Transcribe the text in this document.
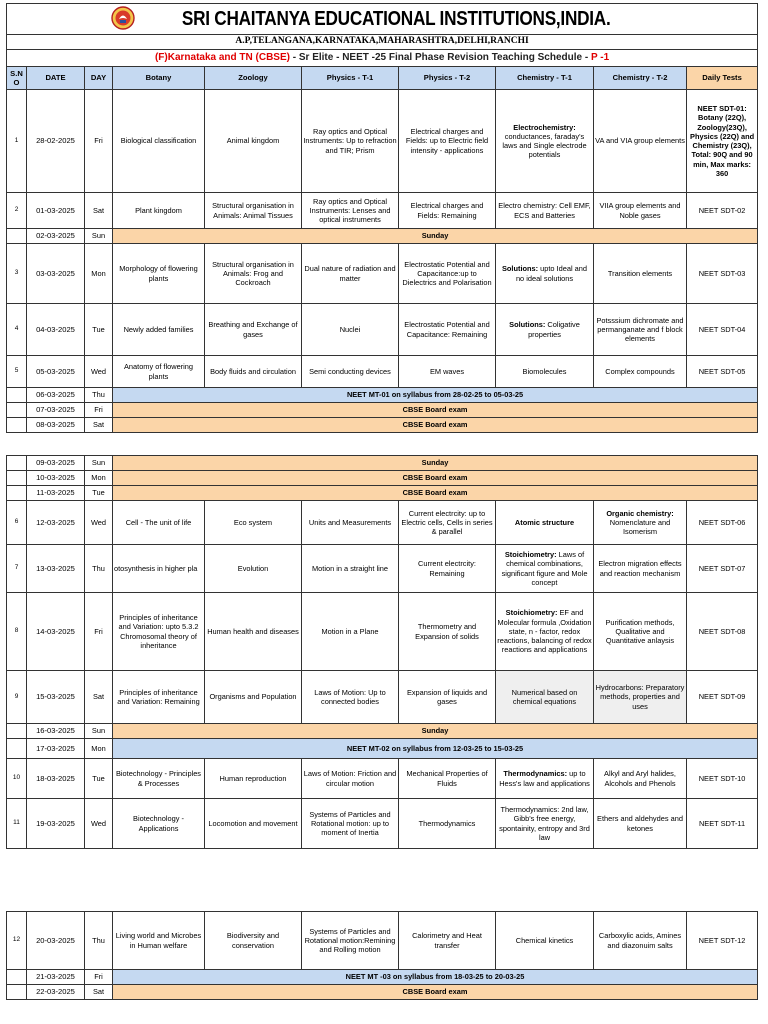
SRI CHAITANYA EDUCATIONAL INSTITUTIONS,INDIA.									
A.P,TELANGANA,KARNATAKA,MAHARASHTRA,DELHI,RANCHI									
(F)Karnataka and TN (CBSE) - Sr Elite - NEET -25 Final Phase Revision Teaching Schedule - P -1									
S.N O	DATE	DAY	Botany	Zoology	Physics - T-1	Physics - T-2	Chemistry - T-1	Chemistry - T-2	Daily Tests
1	28-02-2025	Fri	Biological classification	Animal kingdom	Ray optics and Optical Instruments: Up to refraction and TIR; Prism	Electrical charges and Fields: up to Electric field intensity - applications	Electrochemistry: conductances, faraday's laws and Single electrode potentials	VA and VIA group elements	NEET SDT-01: Botany (22Q), Zoology(23Q), Physics (22Q) and Chemistry (23Q), Total: 90Q and 90 min, Max marks: 360
2	01-03-2025	Sat	Plant kingdom	Structural organisation in Animals: Animal Tissues	Ray optics and Optical Instruments: Lenses and optical instruments	Electrical charges and Fields: Remaining	Electro chemistry: Cell EMF, ECS and Batteries	VIIA group elements and Noble gases	NEET SDT-02
	02-03-2025	Sun	Sunday						
3	03-03-2025	Mon	Morphology of flowering plants	Structural organisation in Animals: Frog and Cockroach	Dual nature of radiation and matter	Electrostatic Potential and Capacitance:up to Dielectrics and Polarisation	Solutions: upto Ideal and no ideal solutions	Transition elements	NEET SDT-03
4	04-03-2025	Tue	Newly added families	Breathing and Exchange of gases	Nuclei	Electrostatic Potential and Capacitance: Remaining	Solutions: Coligative properties	Potsssium dichromate and permanganate and f block elements	NEET SDT-04
5	05-03-2025	Wed	Anatomy of flowering plants	Body fluids and circulation	Semi conducting devices	EM waves	Biomolecules	Complex compounds	NEET SDT-05
	06-03-2025	Thu	NEET MT-01 on syllabus from 28-02-25 to 05-03-25						
	07-03-2025	Fri	CBSE Board exam						
	08-03-2025	Sat	CBSE Board exam						
	09-03-2025	Sun	Sunday						
	10-03-2025	Mon	CBSE Board exam						
	11-03-2025	Tue	CBSE Board exam						
6	12-03-2025	Wed	Cell - The unit of life	Eco system	Units and Measurements	Current electrcity: up to Electric cells, Cells in series & parallel	Atomic structure	Organic chemistry: Nomenclature and Isomerism	NEET SDT-06
7	13-03-2025	Thu	otosynthesis in higher pla	Evolution	Motion in a straight line	Current electrcity: Remaining	Stoichiometry: Laws of chemical combinations, significant figure and Mole concept	Electron migration effects and reaction mechanism	NEET SDT-07
8	14-03-2025	Fri	Principles of inheritance and Variation: upto 5.3.2 Chromosomal theory of inheritance	Human health and diseases	Motion in a Plane	Thermometry and Expansion of solids	Stoichiometry: EF and Molecular formula ,Oxidation state, n - factor, redox reactions, balancing of redox reactions and applications	Purification methods, Qualitative and Quantitative anlaysis	NEET SDT-08
9	15-03-2025	Sat	Principles of inheritance and Variation: Remaining	Organisms and Population	Laws of Motion: Up to connected bodies	Expansion of liquids and gases	Numerical based on chemical equations	Hydrocarbons: Preparatory methods, properties and uses	NEET SDT-09
	16-03-2025	Sun	Sunday						
	17-03-2025	Mon	NEET MT-02 on syllabus from 12-03-25 to 15-03-25						
10	18-03-2025	Tue	Biotechnology - Principles & Processes	Human reproduction	Laws of Motion: Friction and circular motion	Mechanical Properties of Fluids	Thermodynamics: up to Hess's law and applications	Alkyl and Aryl halides, Alcohols and Phenols	NEET SDT-10
11	19-03-2025	Wed	Biotechnology - Applications	Locomotion and movement	Systems of Particles and Rotational motion: up to moment of Inertia	Thermodynamics	Thermodynamics: 2nd law, Gibb's free energy, spontainity, entropy and 3rd law	Ethers and aldehydes and ketones	NEET SDT-11
12	20-03-2025	Thu	Living world and Microbes in Human welfare	Biodiversity and conservation	Systems of Particles and Rotational motion:Remining and Rolling motion	Calorimetry and Heat transfer	Chemical kinetics	Carboxylic acids, Amines and diazonuim salts	NEET SDT-12
	21-03-2025	Fri	NEET MT -03 on syllabus from 18-03-25 to 20-03-25						
	22-03-2025	Sat	CBSE Board exam						
